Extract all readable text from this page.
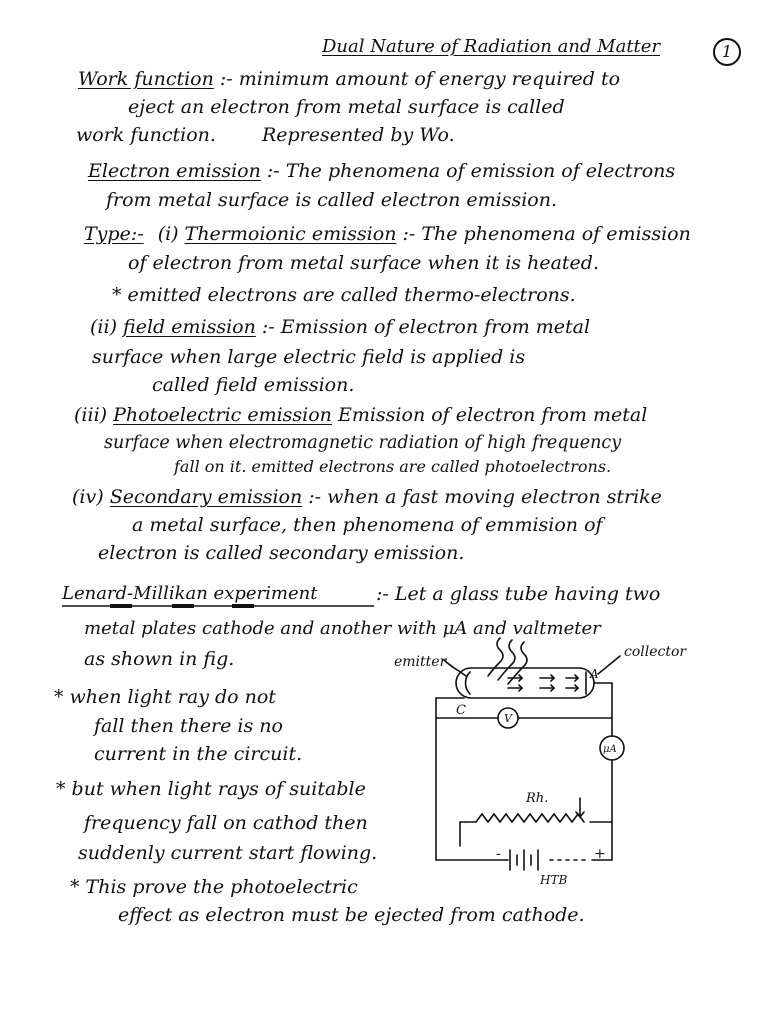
Dual Nature of Radiation and Matter	1
Work function :- minimum amount of energy required to
eject an electron from metal surface is called
work function. Represented by Wo.
Electron emission :- The phenomena of emission of electrons
from metal surface is called electron emission.
Type:- (i) Thermoionic emission :- The phenomena of emission
of electron from metal surface when it is heated.
* emitted electrons are called thermo-electrons.
(ii) field emission :- Emission of electron from metal
surface when large electric field is applied is
called field emission.
(iii) Photoelectric emission Emission of electron from metal
surface when electromagnetic radiation of high frequency
fall on it. emitted electrons are called photoelectrons.
(iv) Secondary emission :- when a fast moving electron strike
a metal surface, then phenomena of emmision of
electron is called secondary emission.
Lenard-Millikan experiment	:- Let a glass tube having two
metal plates cathode and another with μA and valtmeter
as shown in fig.
* when light ray do not
fall then there is no
current in the circuit.
* but when light rays of suitable
frequency fall on cathod then
suddenly current start flowing.
* This prove the photoelectric
effect as electron must be ejected from cathode.
emitter
collector
C
A
V
μA
Rh.
HTB
-	+
